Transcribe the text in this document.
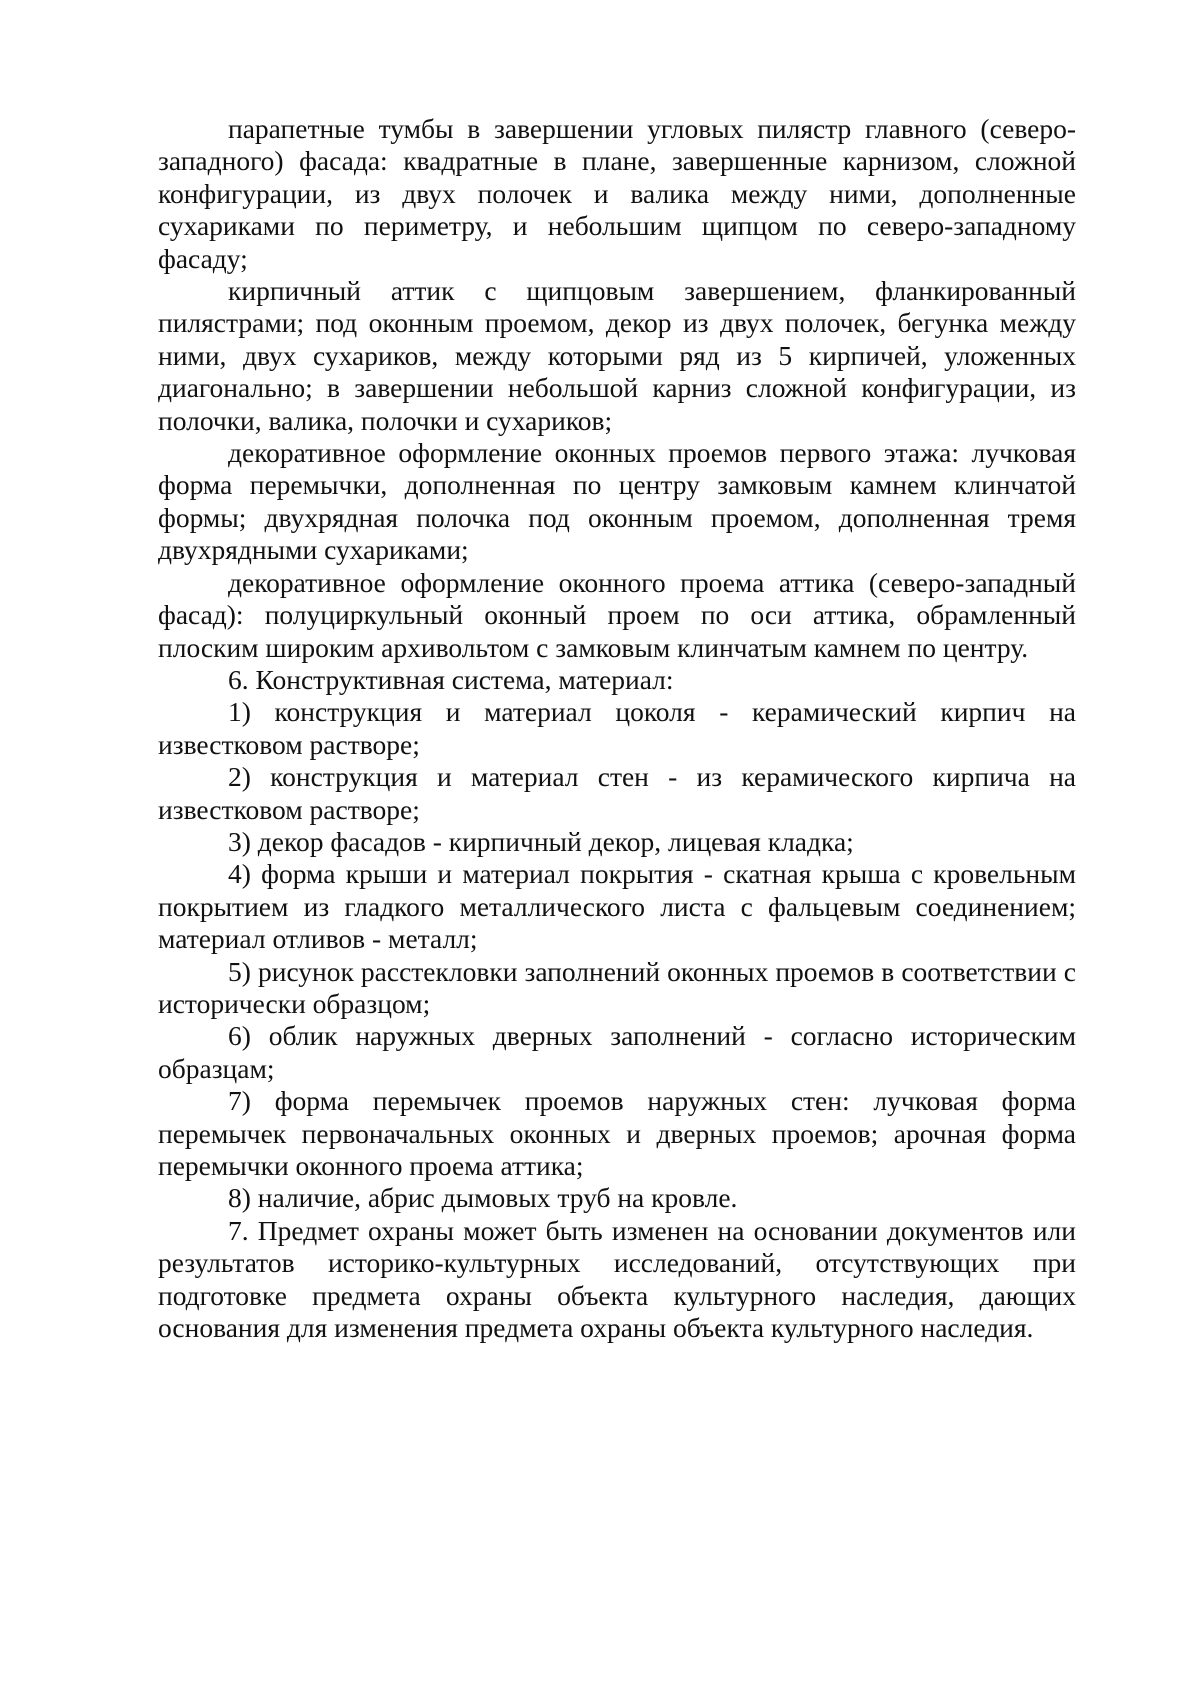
парапетные тумбы в завершении угловых пилястр главного (северо-западного) фасада: квадратные в плане, завершенные карнизом, сложной конфигурации, из двух полочек и валика между ними, дополненные сухариками по периметру, и небольшим щипцом по северо-западному фасаду;

кирпичный аттик с щипцовым завершением, фланкированный пилястрами; под оконным проемом, декор из двух полочек, бегунка между ними, двух сухариков, между которыми ряд из 5 кирпичей, уложенных диагонально; в завершении небольшой карниз сложной конфигурации, из полочки, валика, полочки и сухариков;

декоративное оформление оконных проемов первого этажа: лучковая форма перемычки, дополненная по центру замковым камнем клинчатой формы; двухрядная полочка под оконным проемом, дополненная тремя двухрядными сухариками;

декоративное оформление оконного проема аттика (северо-западный фасад): полуциркульный оконный проем по оси аттика, обрамленный плоским широким архивольтом с замковым клинчатым камнем по центру.

6. Конструктивная система, материал:

1) конструкция и материал цоколя - керамический кирпич на известковом растворе;

2) конструкция и материал стен - из керамического кирпича на известковом растворе;

3) декор фасадов - кирпичный декор, лицевая кладка;

4) форма крыши и материал покрытия - скатная крыша с кровельным покрытием из гладкого металлического листа с фальцевым соединением; материал отливов - металл;

5) рисунок расстекловки заполнений оконных проемов в соответствии с исторически образцом;

6) облик наружных дверных заполнений - согласно историческим образцам;

7) форма перемычек проемов наружных стен: лучковая форма перемычек первоначальных оконных и дверных проемов; арочная форма перемычки оконного проема аттика;

8) наличие, абрис дымовых труб на кровле.

7. Предмет охраны может быть изменен на основании документов или результатов историко-культурных исследований, отсутствующих при подготовке предмета охраны объекта культурного наследия, дающих основания для изменения предмета охраны объекта культурного наследия.
